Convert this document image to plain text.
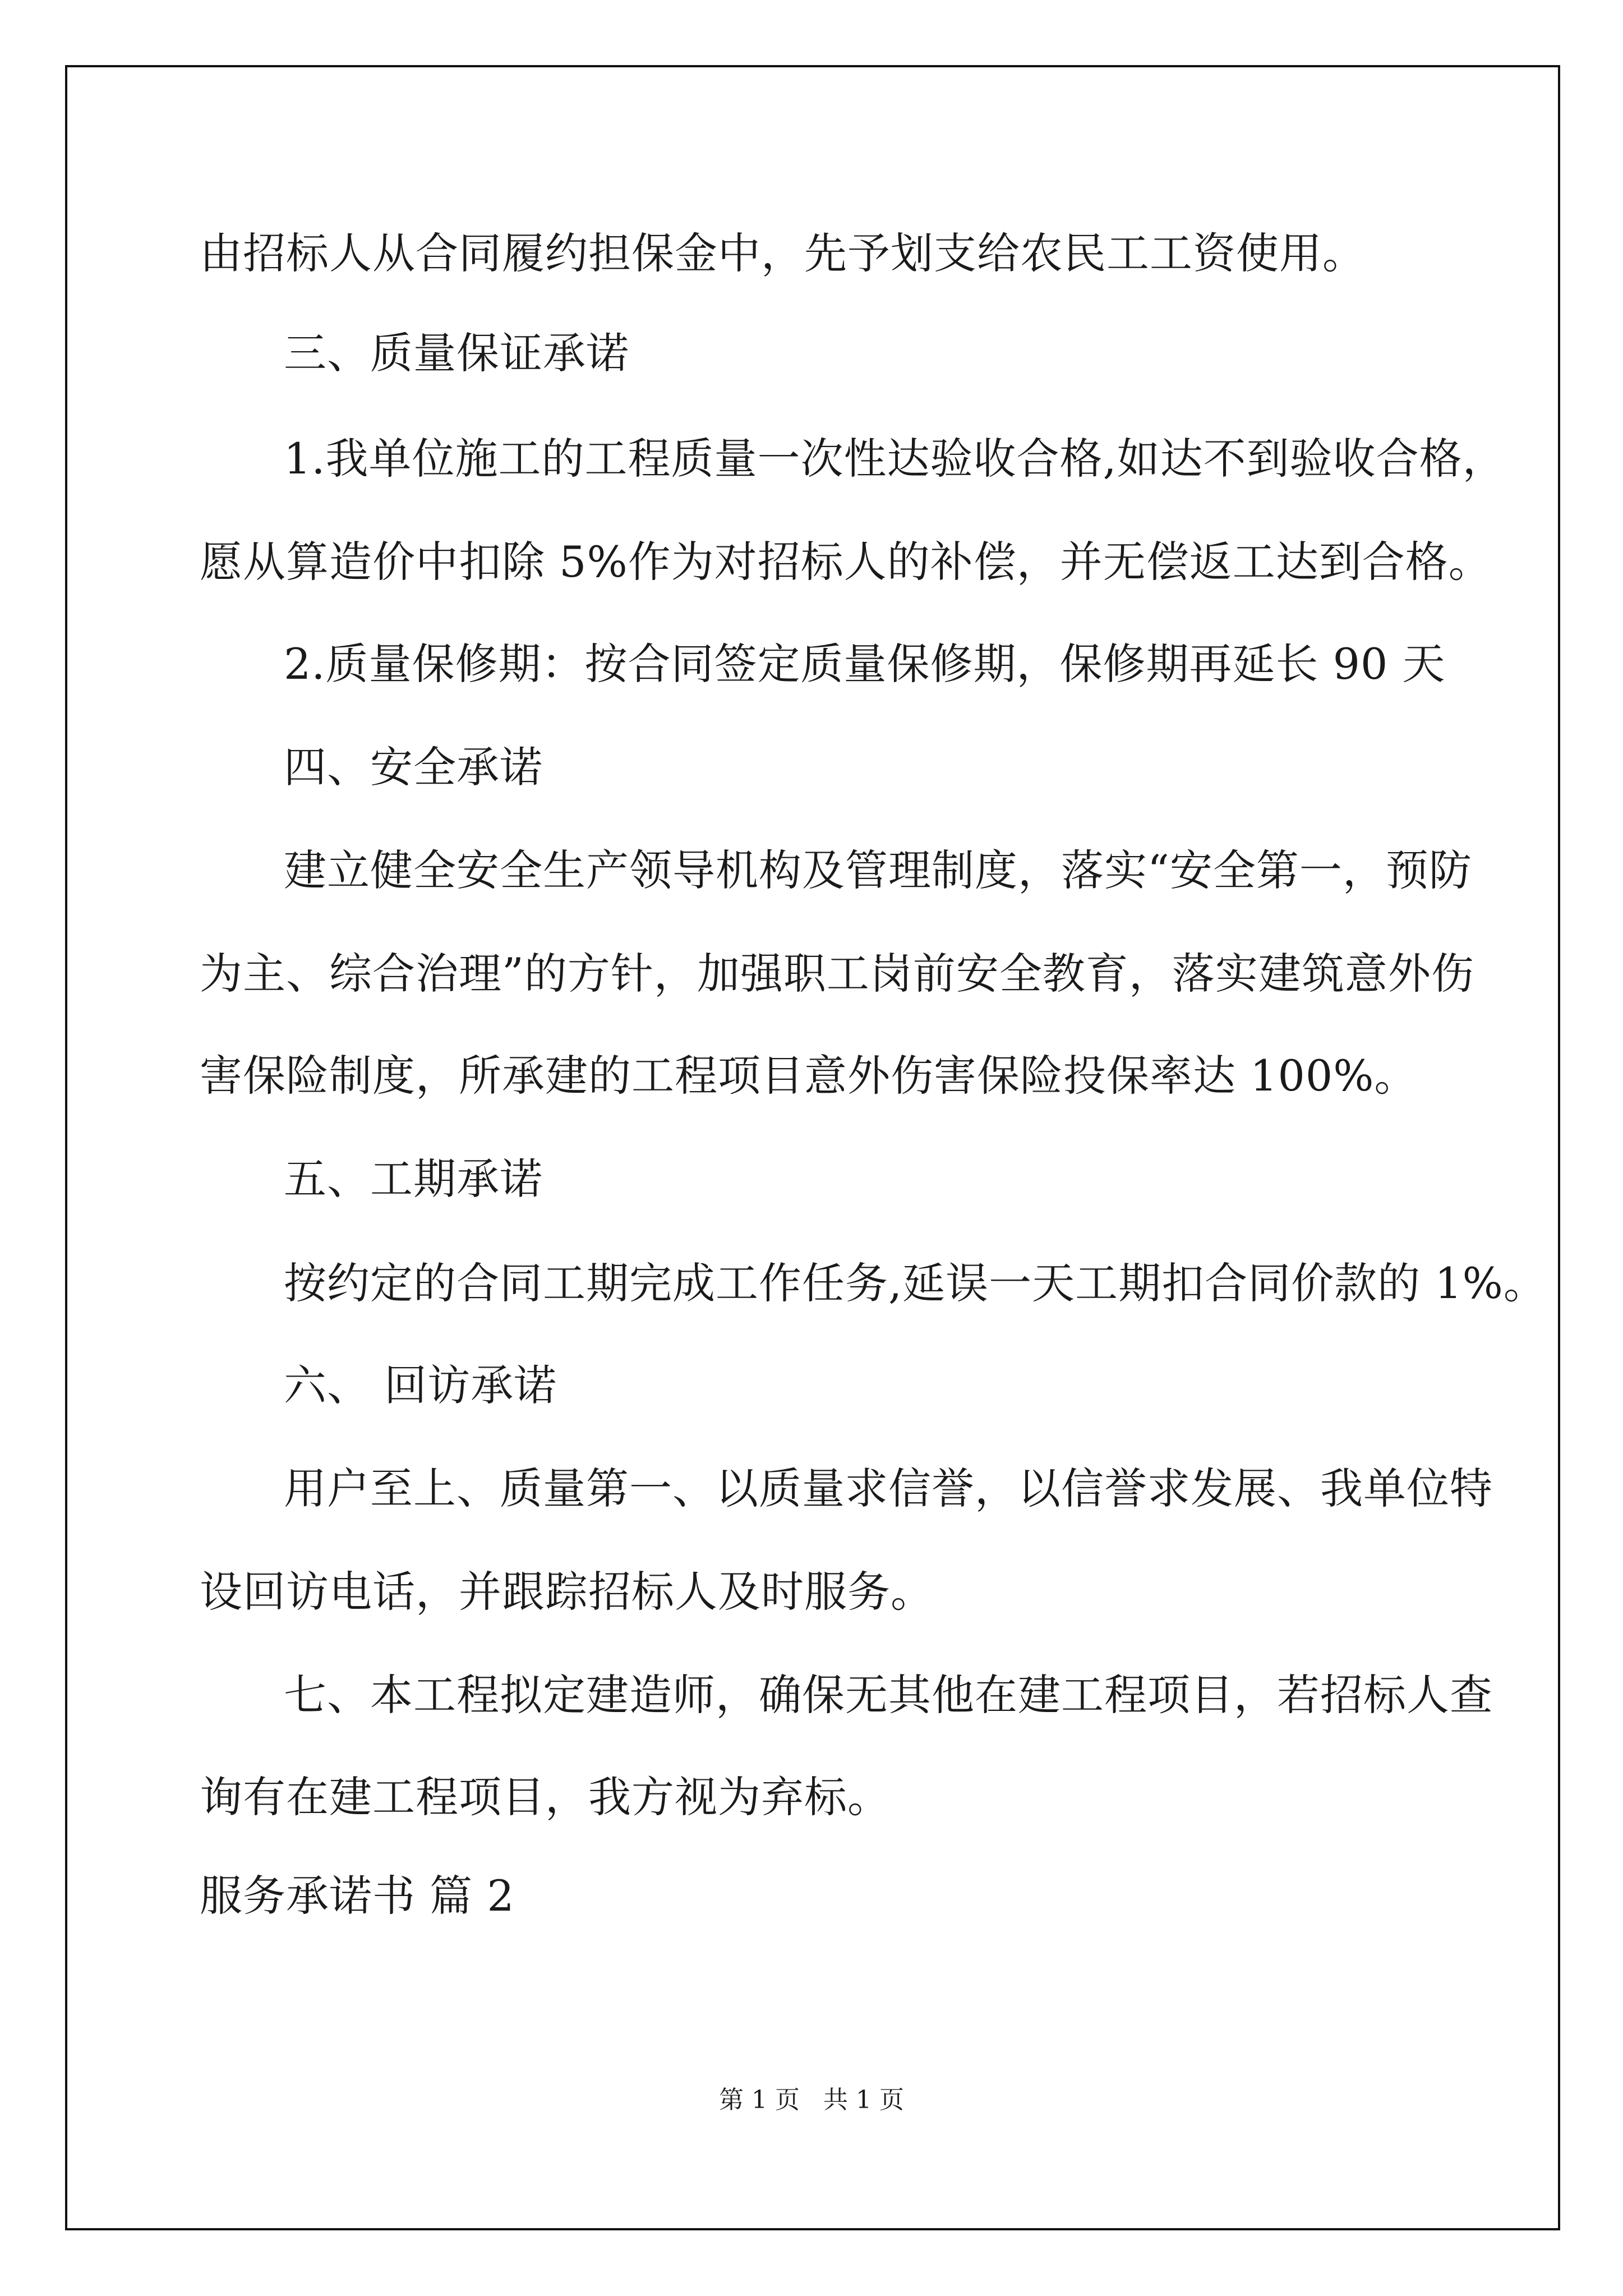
由招标人从合同履约担保金中，先予划支给农民工工资使用。

三、质量保证承诺

1.我单位施工的工程质量一次性达验收合格,如达不到验收合格，

愿从算造价中扣除 5%作为对招标人的补偿，并无偿返工达到合格。

2.质量保修期：按合同签定质量保修期，保修期再延长 90 天

四、安全承诺

建立健全安全生产领导机构及管理制度，落实“安全第一，预防

为主、综合治理”的方针，加强职工岗前安全教育，落实建筑意外伤

害保险制度，所承建的工程项目意外伤害保险投保率达 100%。

五、工期承诺

按约定的合同工期完成工作任务,延误一天工期扣合同价款的 1%。

六、 回访承诺

用户至上、质量第一、以质量求信誉，以信誉求发展、我单位特

设回访电话，并跟踪招标人及时服务。

七、本工程拟定建造师，确保无其他在建工程项目，若招标人查

询有在建工程项目，我方视为弃标。

服务承诺书 篇 2

第 1 页   共 1 页
